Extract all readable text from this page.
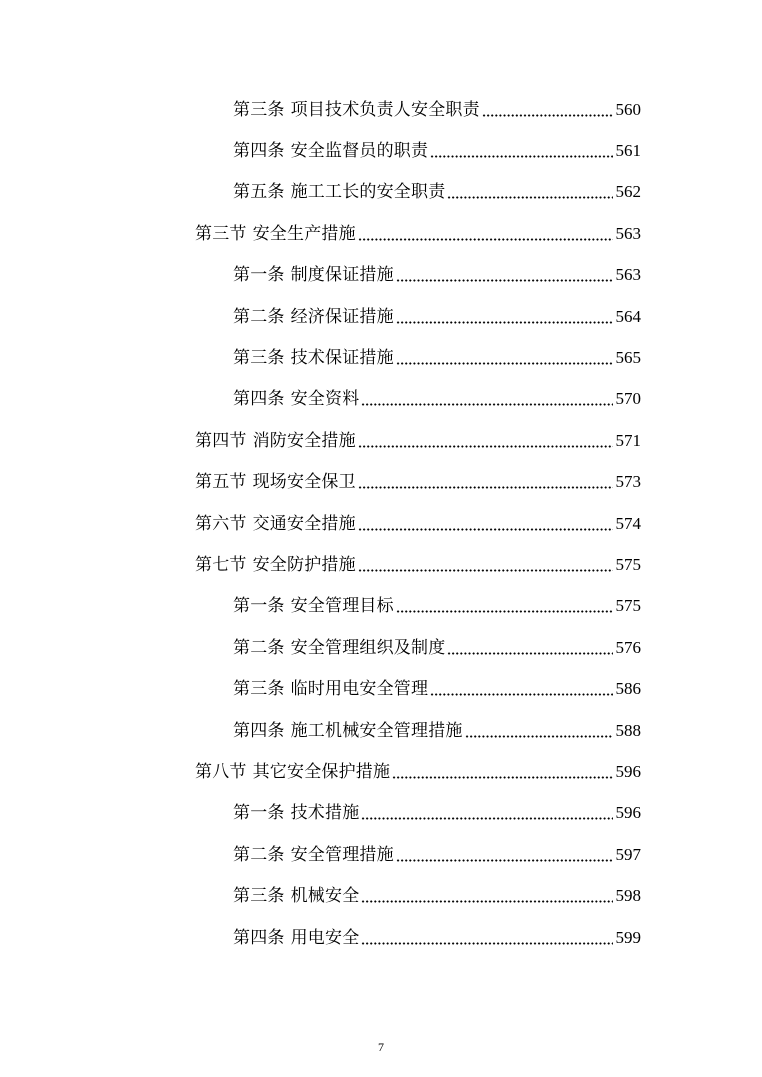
第三条 项目技术负责人安全职责	560
第四条 安全监督员的职责	561
第五条 施工工长的安全职责	562
第三节 安全生产措施	563
第一条 制度保证措施	563
第二条 经济保证措施	564
第三条 技术保证措施	565
第四条 安全资料	570
第四节 消防安全措施	571
第五节 现场安全保卫	573
第六节 交通安全措施	574
第七节 安全防护措施	575
第一条 安全管理目标	575
第二条 安全管理组织及制度	576
第三条 临时用电安全管理	586
第四条 施工机械安全管理措施	588
第八节 其它安全保护措施	596
第一条 技术措施	596
第二条 安全管理措施	597
第三条 机械安全	598
第四条 用电安全	599
7
